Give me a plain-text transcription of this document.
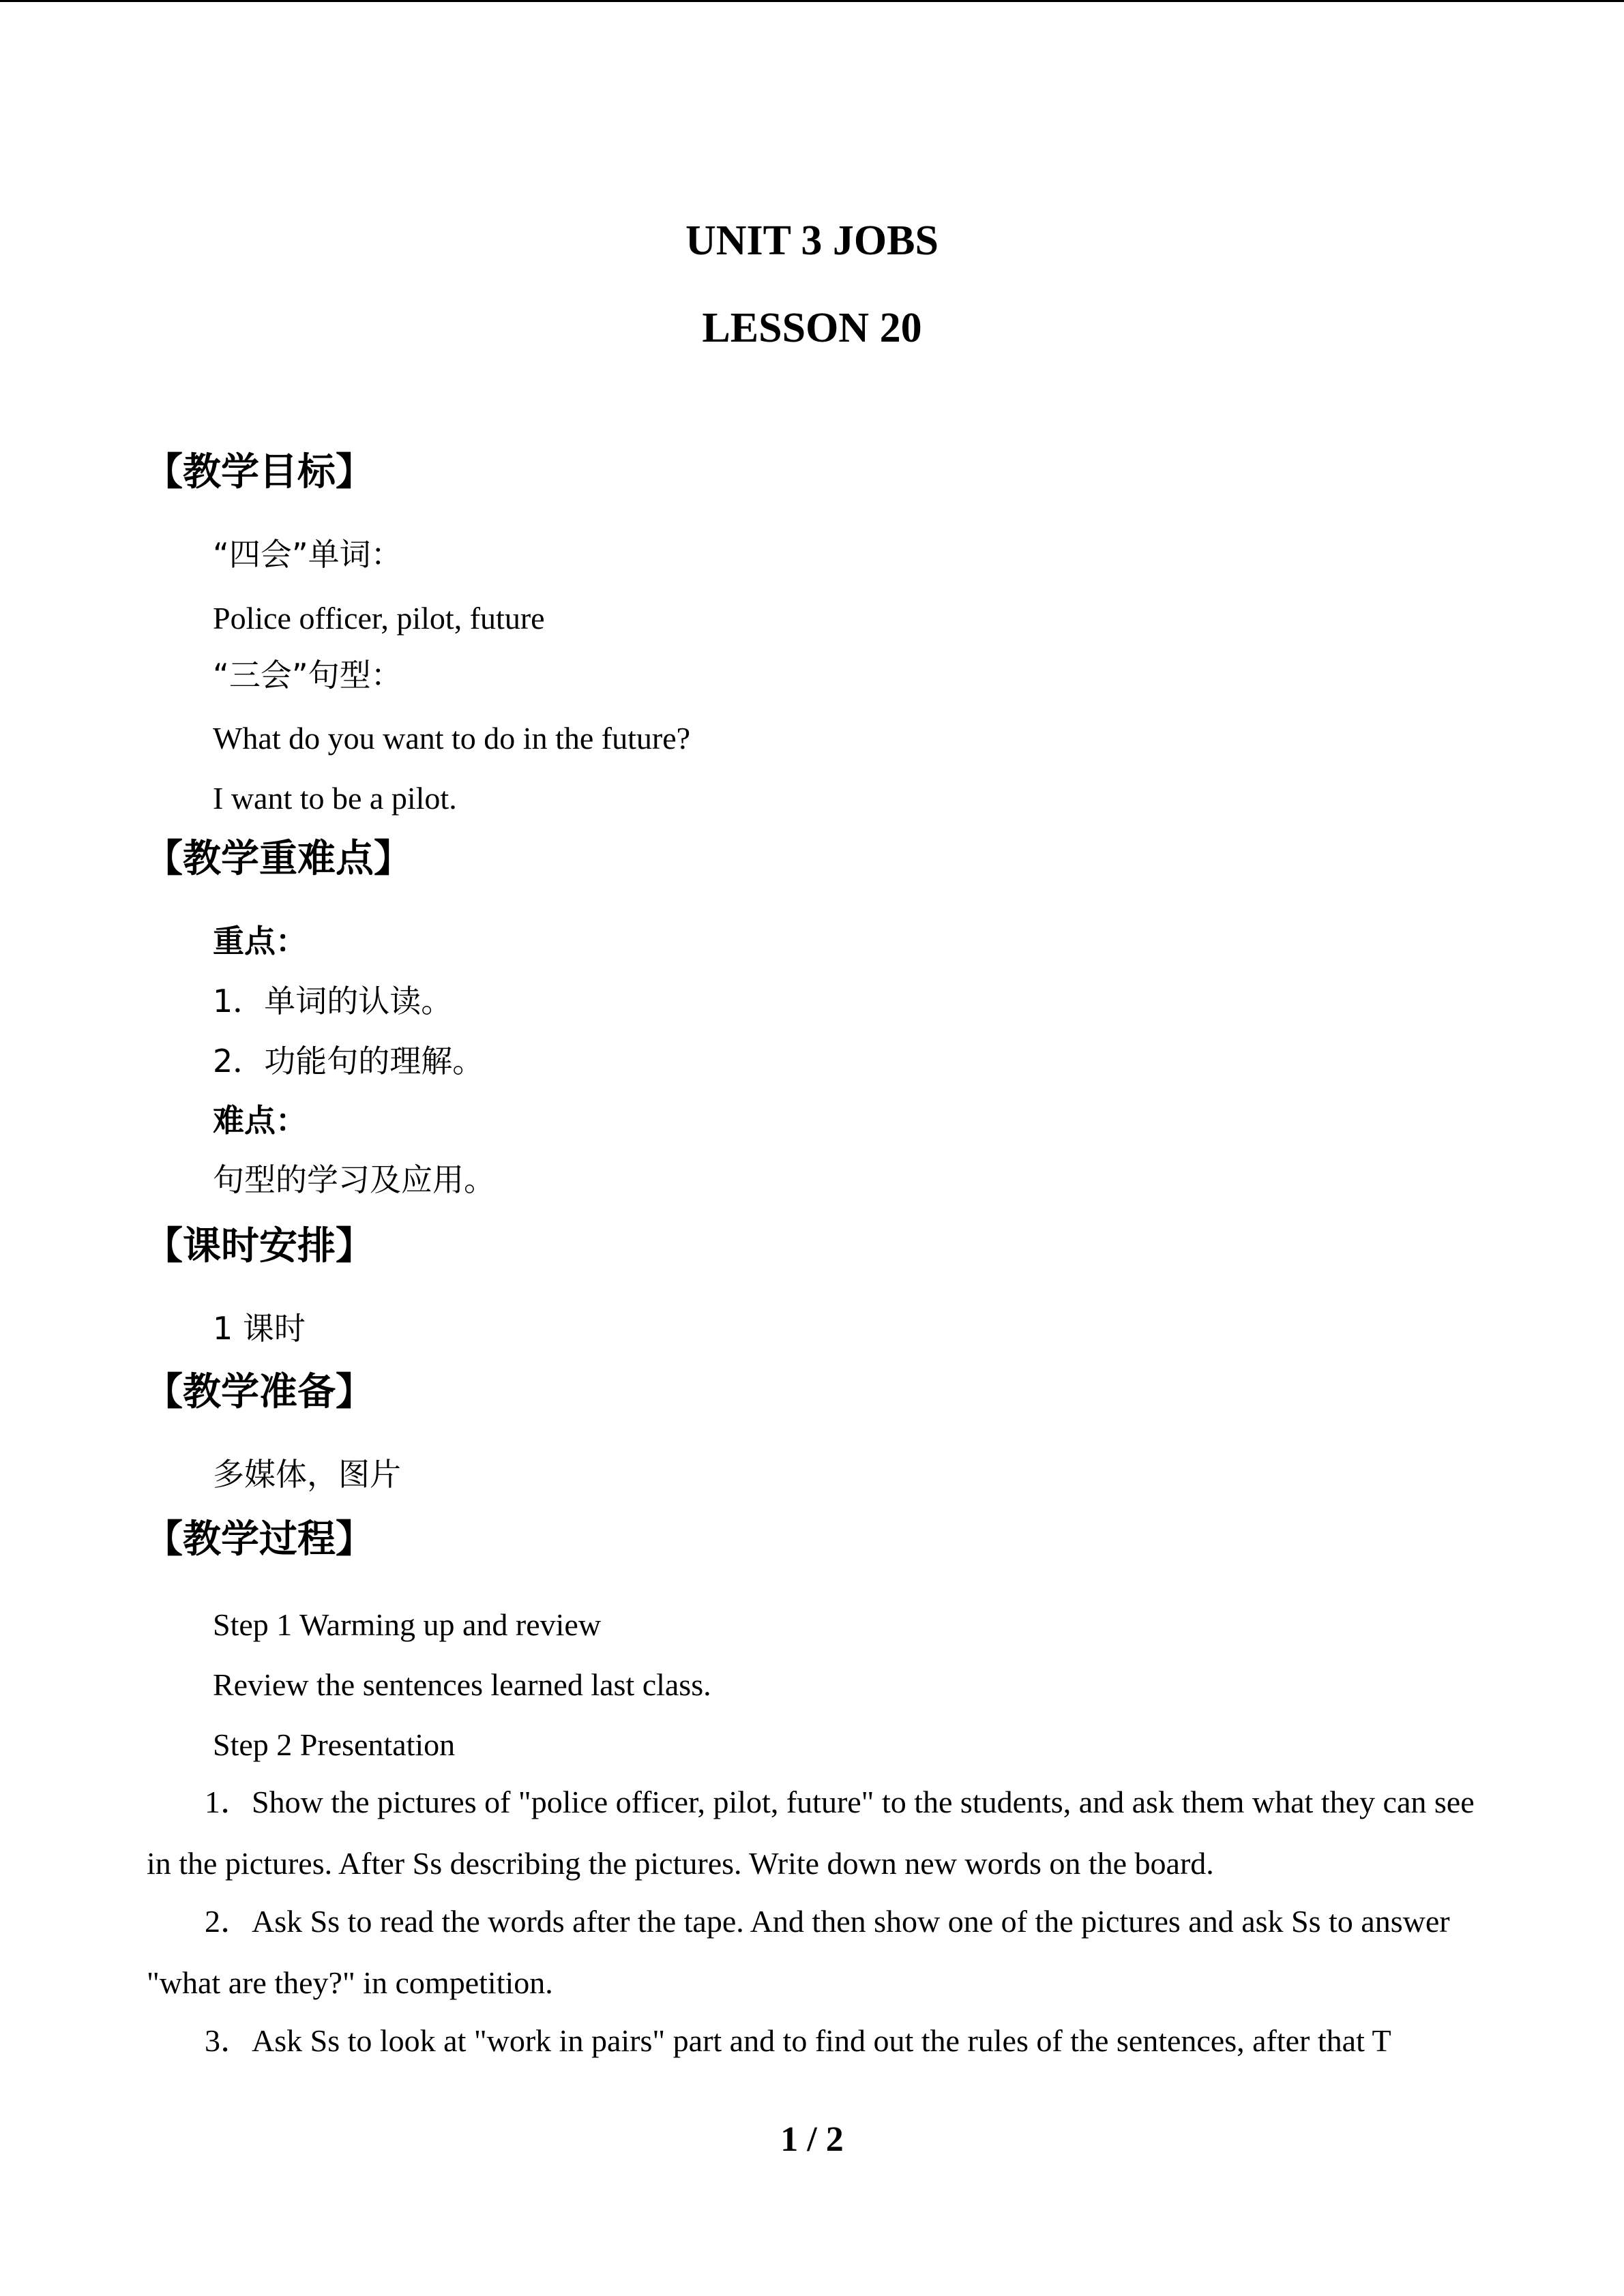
UNIT 3 JOBS
LESSON 20
【教学目标】
“四会”单词：
Police officer, pilot, future
“三会”句型：
What do you want to do in the future?
I want to be a pilot.
【教学重难点】
重点：
1．单词的认读。
2．功能句的理解。
难点：
句型的学习及应用。
【课时安排】
1 课时
【教学准备】
多媒体，图片
【教学过程】
Step 1 Warming up and review
Review the sentences learned last class.
Step 2 Presentation
1．Show the pictures of "police officer, pilot, future" to the students, and ask them what they can see in the pictures. After Ss describing the pictures. Write down new words on the board.
2．Ask Ss to read the words after the tape. And then show one of the pictures and ask Ss to answer "what are they?" in competition.
3．Ask Ss to look at "work in pairs" part and to find out the rules of the sentences, after that T
1 / 2
